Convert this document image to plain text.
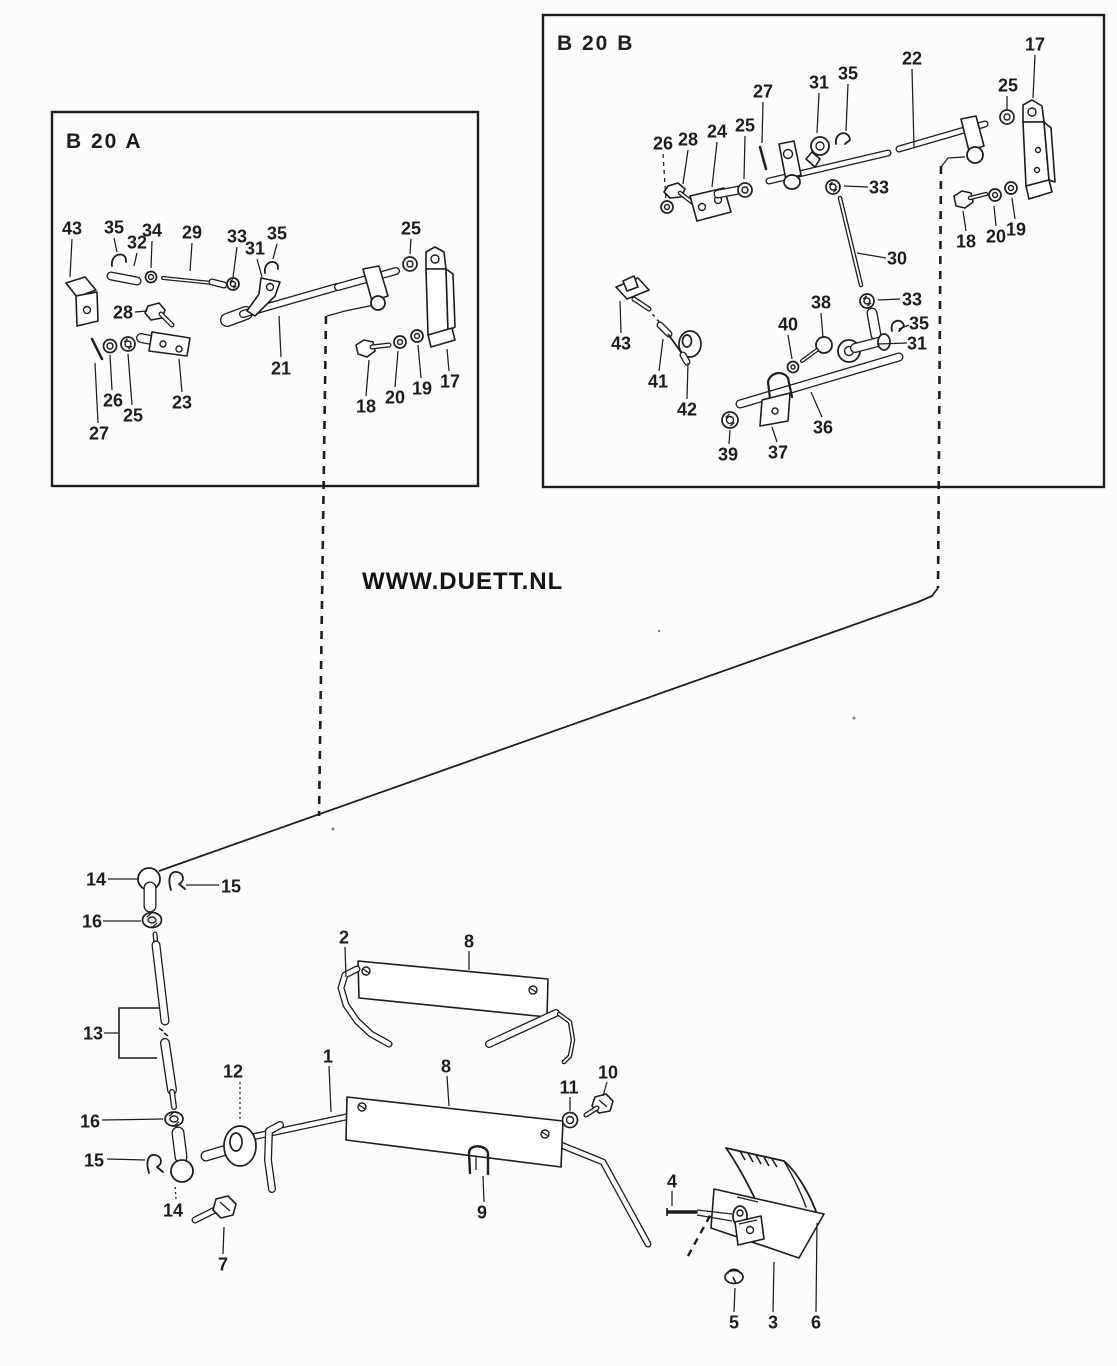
43 35
32
34 29 33
31
35	25
28
21
26
25
27
23	18 20 19 17
26 28 24 25
27 31 35
22
17
25
33
30
18 20 19
33
35
31
38
40
43
41
42
36
37
39
14	15
16
13
16
15
14
7
12
2	8
1	8
11
10
9
4
5 3 6
B 20 A
B 20 B
WWW.DUETT.NL
